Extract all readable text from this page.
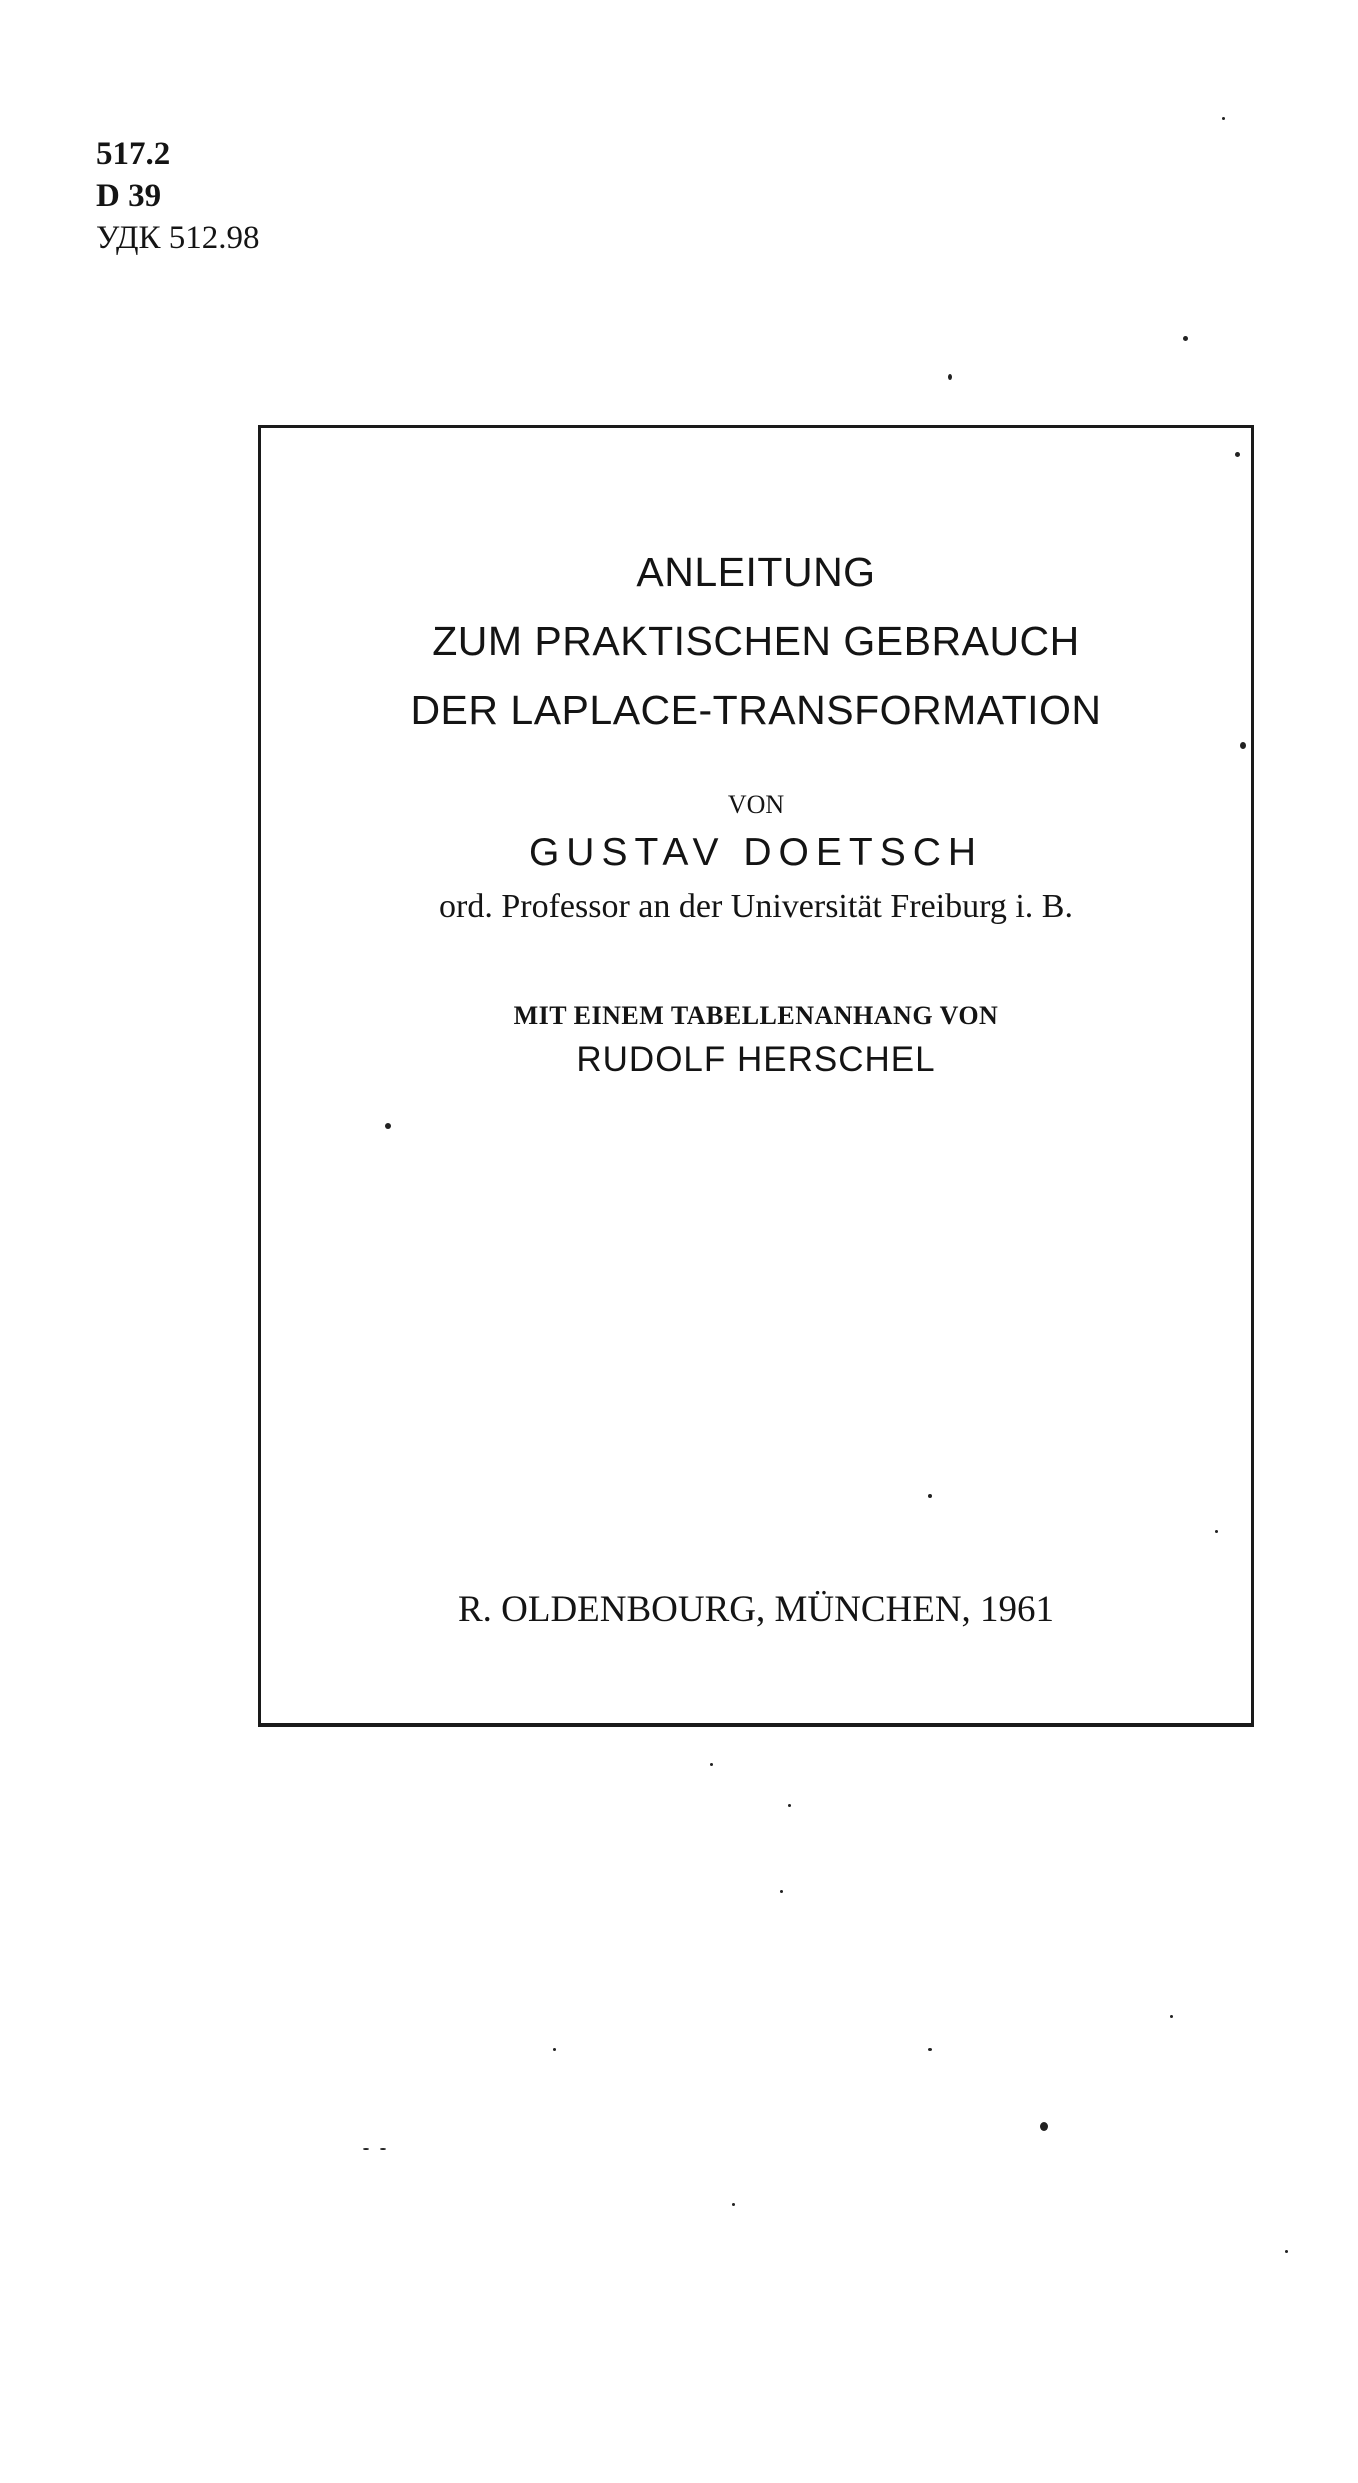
517.2
D 39
УДК 512.98
ANLEITUNG
ZUM PRAKTISCHEN GEBRAUCH
DER LAPLACE-TRANSFORMATION
VON
GUSTAV DOETSCH
ord. Professor an der Universität Freiburg i. B.
MIT EINEM TABELLENANHANG VON
RUDOLF HERSCHEL
R. OLDENBOURG, MÜNCHEN, 1961
